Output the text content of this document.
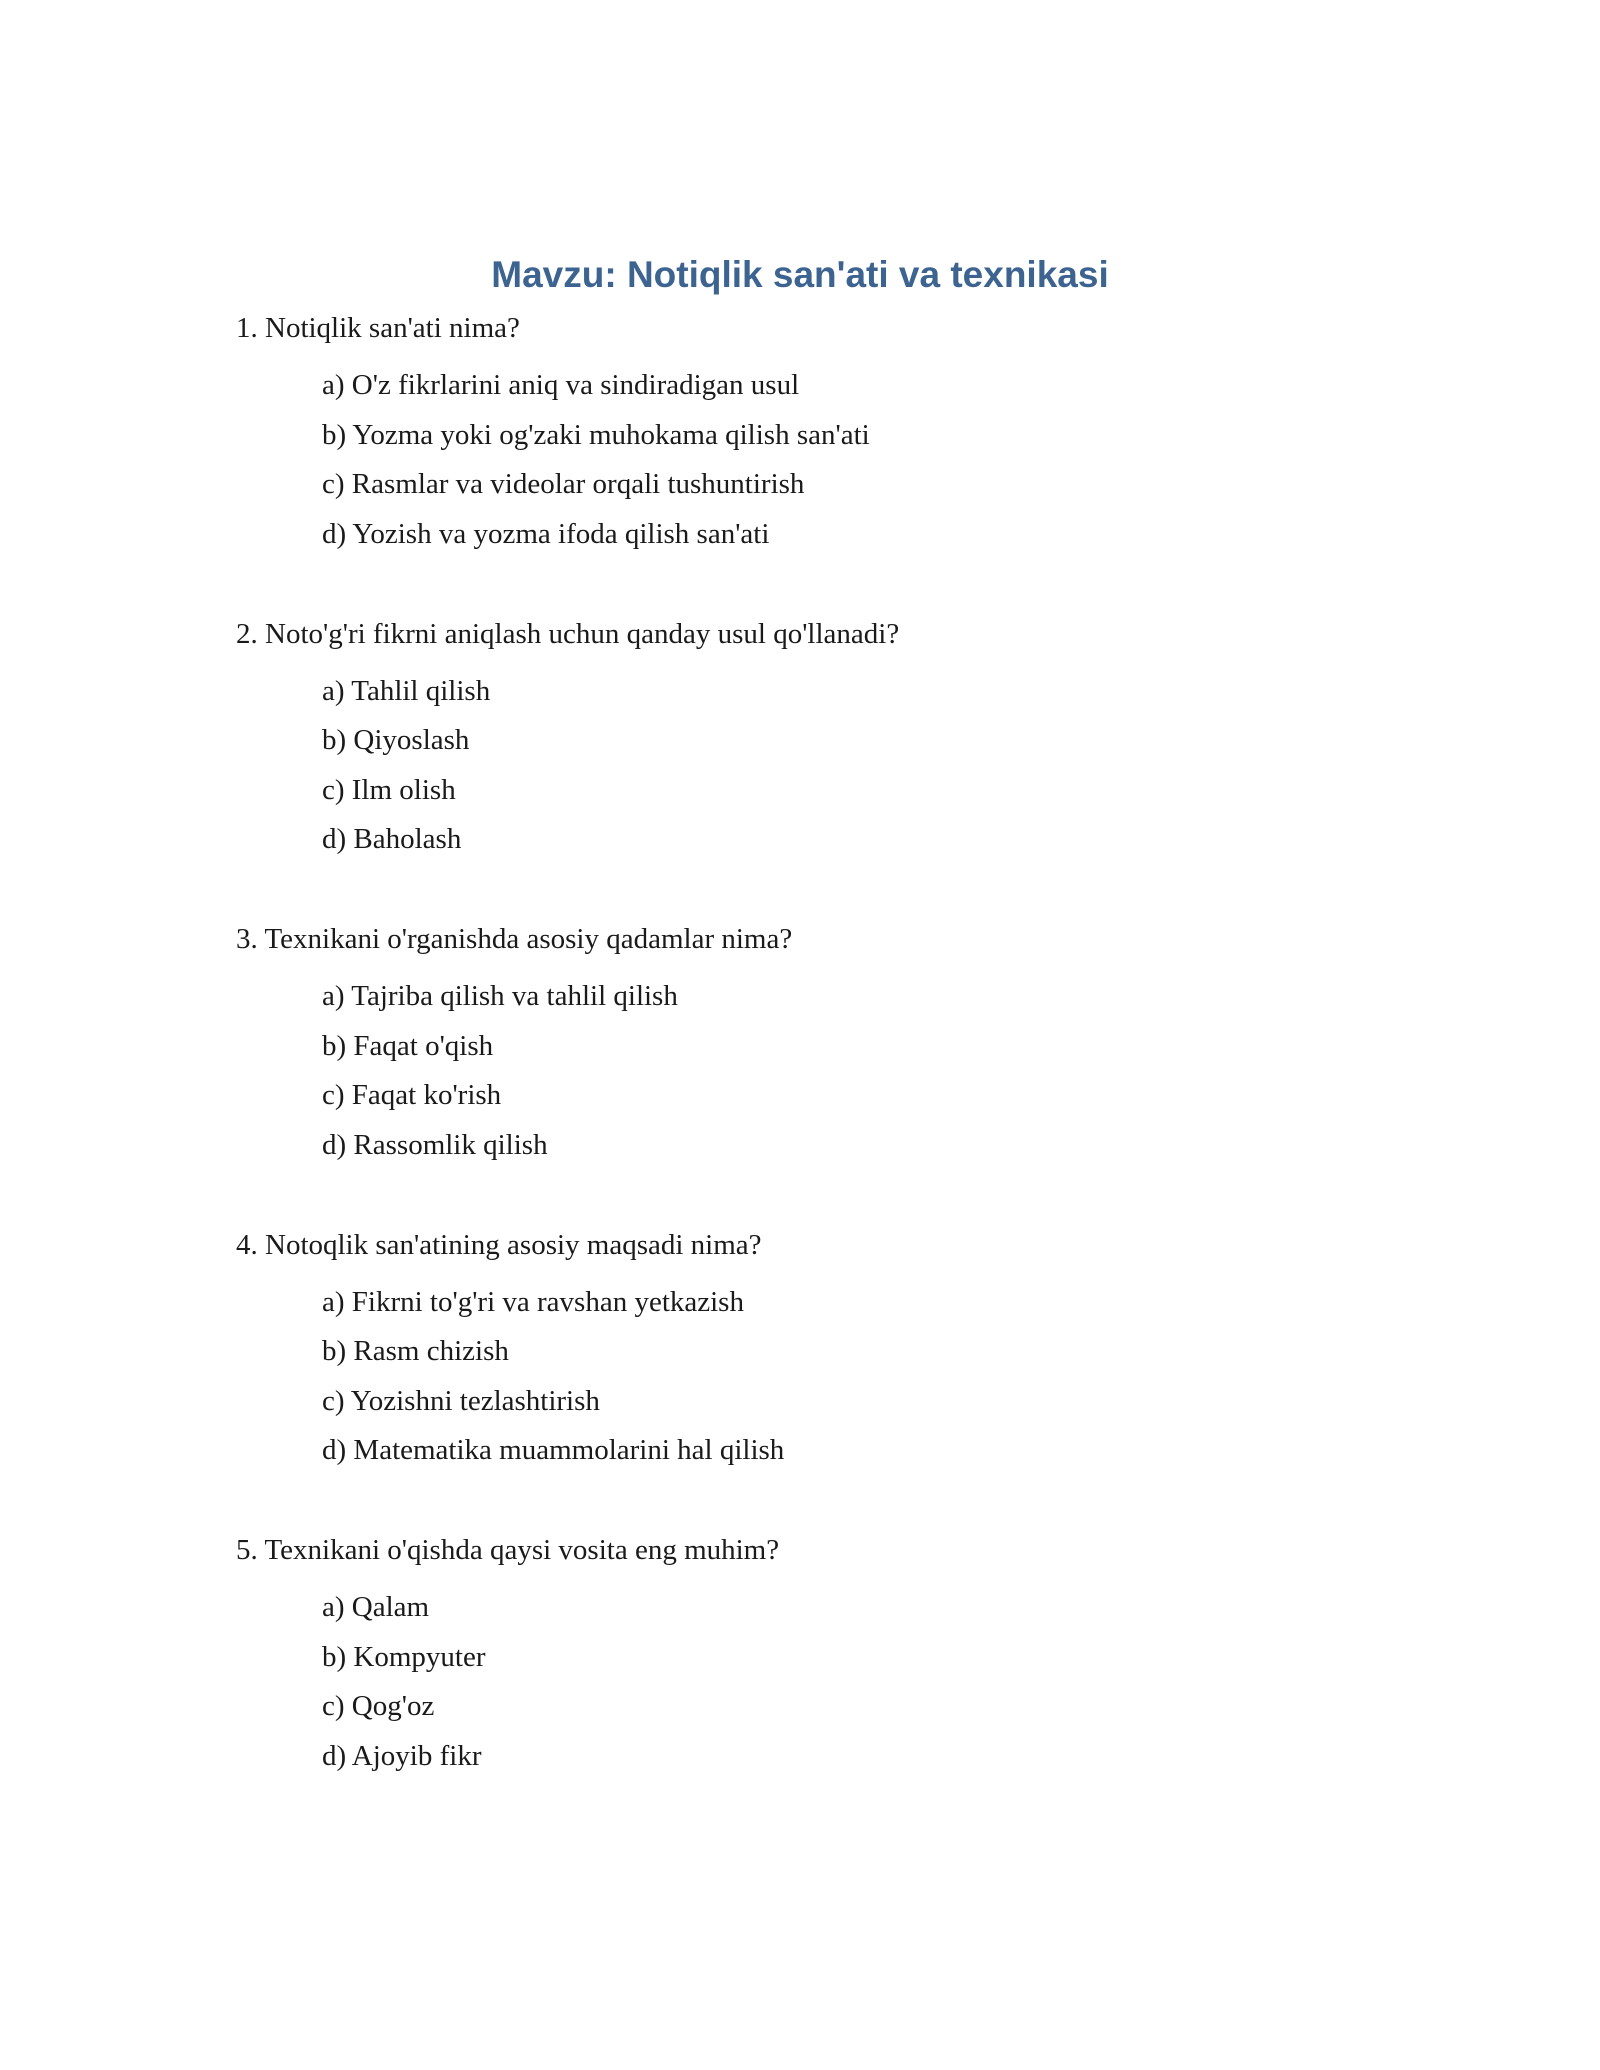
Mavzu: Notiqlik san'ati va texnikasi
1. Notiqlik san'ati nima?
a) O'z fikrlarini aniq va sindiradigan usul
b) Yozma yoki og'zaki muhokama qilish san'ati
c) Rasmlar va videolar orqali tushuntirish
d) Yozish va yozma ifoda qilish san'ati
2. Noto'g'ri fikrni aniqlash uchun qanday usul qo'llanadi?
a) Tahlil qilish
b) Qiyoslash
c) Ilm olish
d) Baholash
3. Texnikani o'rganishda asosiy qadamlar nima?
a) Tajriba qilish va tahlil qilish
b) Faqat o'qish
c) Faqat ko'rish
d) Rassomlik qilish
4. Notoqlik san'atining asosiy maqsadi nima?
a) Fikrni to'g'ri va ravshan yetkazish
b) Rasm chizish
c) Yozishni tezlashtirish
d) Matematika muammolarini hal qilish
5. Texnikani o'qishda qaysi vosita eng muhim?
a) Qalam
b) Kompyuter
c) Qog'oz
d) Ajoyib fikr
